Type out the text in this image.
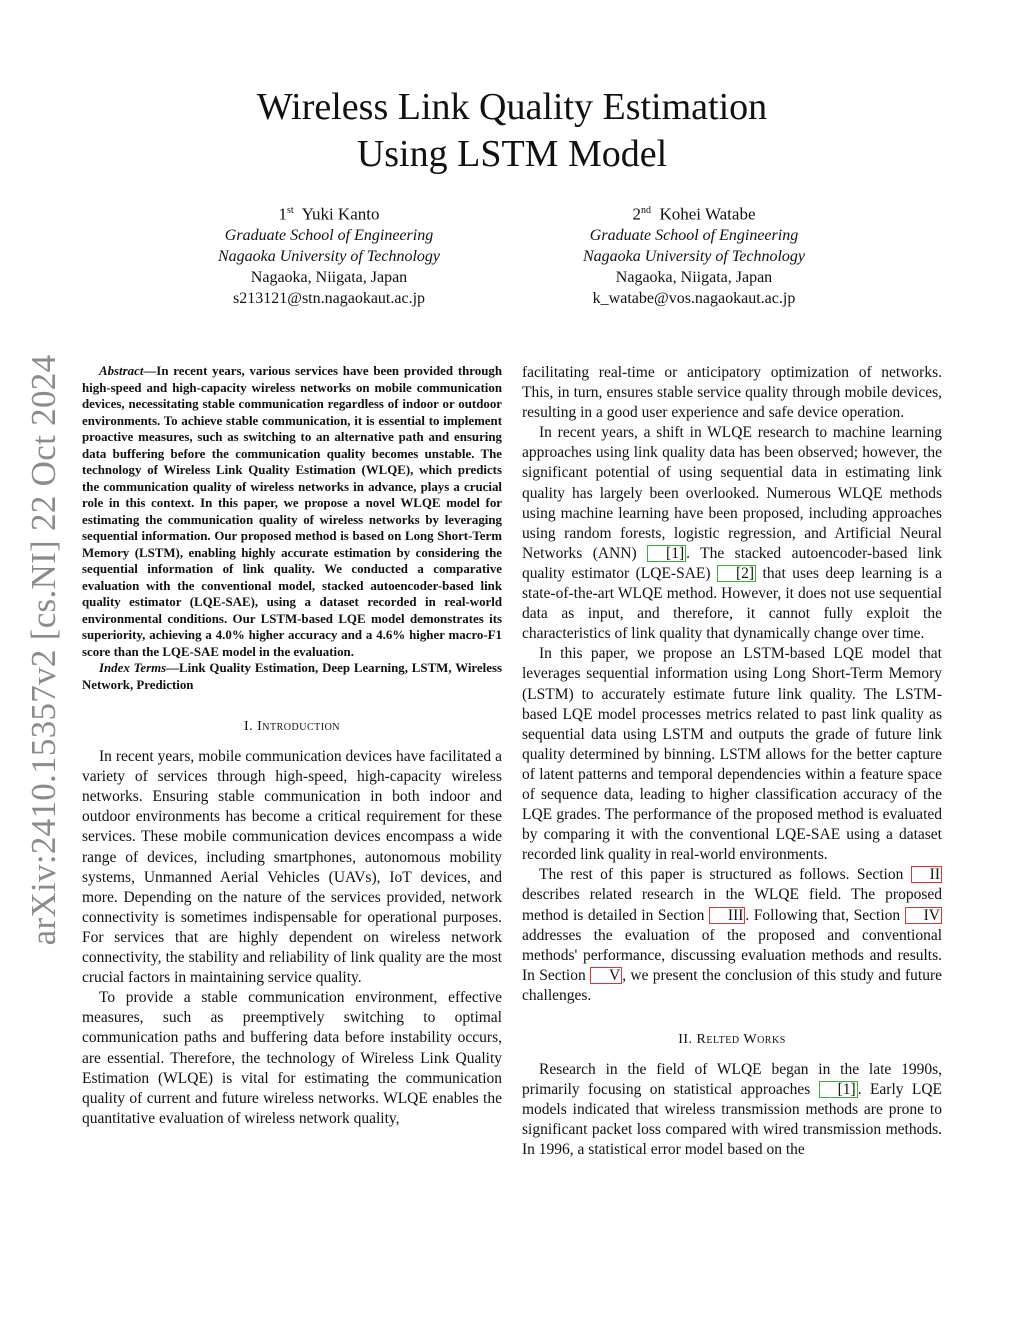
Wireless Link Quality Estimation
Using LSTM Model
1st Yuki Kanto
Graduate School of Engineering
Nagaoka University of Technology
Nagaoka, Niigata, Japan
s213121@stn.nagaokaut.ac.jp
2nd Kohei Watabe
Graduate School of Engineering
Nagaoka University of Technology
Nagaoka, Niigata, Japan
k_watabe@vos.nagaokaut.ac.jp
arXiv:2410.15357v2 [cs.NI] 22 Oct 2024	Abstract—In recent years, various services have been provided through high-speed and high-capacity wireless networks on mobile communication devices, necessitating stable communication regardless of indoor or outdoor environments. To achieve stable communication, it is essential to implement proactive measures, such as switching to an alternative path and ensuring data buffering before the communication quality becomes unstable. The technology of Wireless Link Quality Estimation (WLQE), which predicts the communication quality of wireless networks in advance, plays a crucial role in this context. In this paper, we propose a novel WLQE model for estimating the communication quality of wireless networks by leveraging sequential information. Our proposed method is based on Long Short-Term Memory (LSTM), enabling highly accurate estimation by considering the sequential information of link quality. We conducted a comparative evaluation with the conventional model, stacked autoencoder-based link quality estimator (LQE-SAE), using a dataset recorded in real-world environmental conditions. Our LSTM-based LQE model demonstrates its superiority, achieving a 4.0% higher accuracy and a 4.6% higher macro-F1 score than the LQE-SAE model in the evaluation.

Index Terms—Link Quality Estimation, Deep Learning, LSTM, Wireless Network, Prediction

I. Introduction

In recent years, mobile communication devices have facilitated a variety of services through high-speed, high-capacity wireless networks. Ensuring stable communication in both indoor and outdoor environments has become a critical requirement for these services. These mobile communication devices encompass a wide range of devices, including smartphones, autonomous mobility systems, Unmanned Aerial Vehicles (UAVs), IoT devices, and more. Depending on the nature of the services provided, network connectivity is sometimes indispensable for operational purposes. For services that are highly dependent on wireless network connectivity, the stability and reliability of link quality are the most crucial factors in maintaining service quality.

To provide a stable communication environment, effective measures, such as preemptively switching to optimal communication paths and buffering data before instability occurs, are essential. Therefore, the technology of Wireless Link Quality Estimation (WLQE) is vital for estimating the communication quality of current and future wireless networks. WLQE enables the quantitative evaluation of wireless network quality,

facilitating real-time or anticipatory optimization of networks. This, in turn, ensures stable service quality through mobile devices, resulting in a good user experience and safe device operation.

In recent years, a shift in WLQE research to machine learning approaches using link quality data has been observed; however, the significant potential of using sequential data in estimating link quality has largely been overlooked. Numerous WLQE methods using machine learning have been proposed, including approaches using random forests, logistic regression, and Artificial Neural Networks (ANN) [1] . The stacked autoencoder-based link quality estimator (LQE-SAE) [2] that uses deep learning is a state-of-the-art WLQE method. However, it does not use sequential data as input, and therefore, it cannot fully exploit the characteristics of link quality that dynamically change over time.

In this paper, we propose an LSTM-based LQE model that leverages sequential information using Long Short-Term Memory (LSTM) to accurately estimate future link quality. The LSTM-based LQE model processes metrics related to past link quality as sequential data using LSTM and outputs the grade of future link quality determined by binning. LSTM allows for the better capture of latent patterns and temporal dependencies within a feature space of sequence data, leading to higher classification accuracy of the LQE grades. The performance of the proposed method is evaluated by comparing it with the conventional LQE-SAE using a dataset recorded link quality in real-world environments.

The rest of this paper is structured as follows. Section II describes related research in the WLQE field. The proposed method is detailed in Section III . Following that, Section IV addresses the evaluation of the proposed and conventional methods' performance, discussing evaluation methods and results. In Section V , we present the conclusion of this study and future challenges.

II. Relted Works

Research in the field of WLQE began in the late 1990s, primarily focusing on statistical approaches [1] . Early LQE models indicated that wireless transmission methods are prone to significant packet loss compared with wired transmission methods. In 1996, a statistical error model based on the
